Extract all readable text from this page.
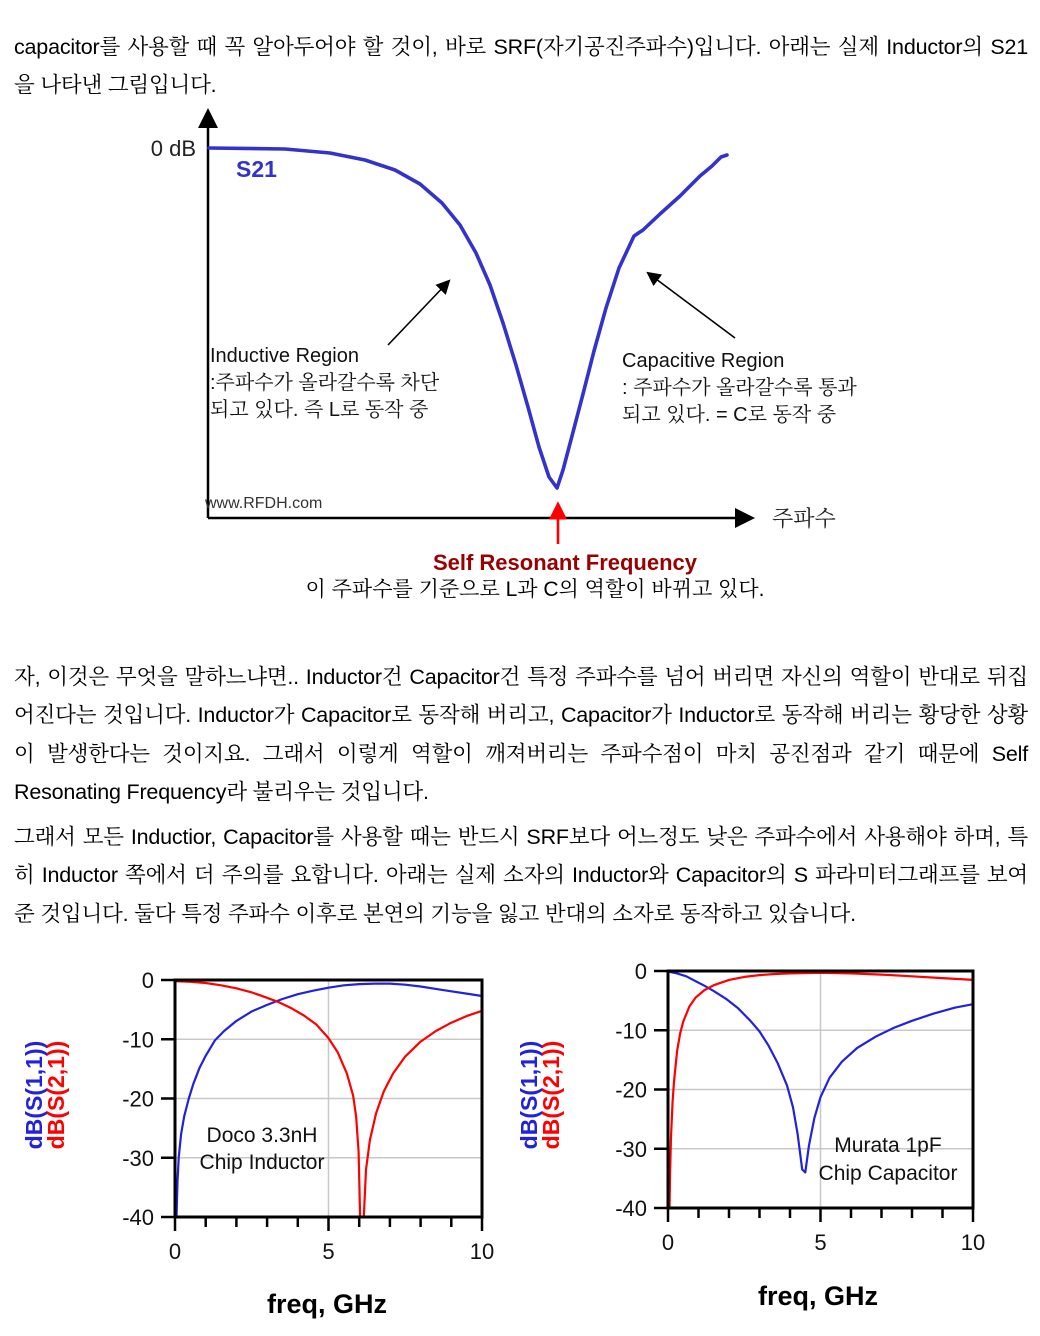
capacitor를 사용할 때 꼭 알아두어야 할 것이, 바로 SRF(자기공진주파수)입니다. 아래는 실제 Inductor의 S21을 나타낸 그림입니다.

자, 이것은 무엇을 말하느냐면.. Inductor건 Capacitor건 특정 주파수를 넘어 버리면 자신의 역할이 반대로 뒤집어진다는 것입니다. Inductor가 Capacitor로 동작해 버리고, Capacitor가 Inductor로 동작해 버리는 황당한 상황이 발생한다는 것이지요. 그래서 이렇게 역할이 깨져버리는 주파수점이 마치 공진점과 같기 때문에 Self Resonating Frequency라 불리우는 것입니다.

그래서 모든 Inductior, Capacitor를 사용할 때는 반드시 SRF보다 어느정도 낮은 주파수에서 사용해야 하며, 특히 Inductor 쪽에서 더 주의를 요합니다. 아래는 실제 소자의 Inductor와 Capacitor의 S 파라미터그래프를 보여준 것입니다. 둘다 특정 주파수 이후로 본연의 기능을 잃고 반대의 소자로 동작하고 있습니다.

주파수
0 dB
S21
Inductive Region
:주파수가 올라갈수록 차단
되고 있다. 즉 L로 동작 중
Capacitive Region
: 주파수가 올라갈수록 통과
되고 있다. = C로 동작 중
www.RFDH.com
Self Resonant Frequency
이 주파수를 기준으로 L과 C의 역할이 바뀌고 있다.
0
-10
-20
-30
-40
0	5	10
dB(S(1,1))
dB(S(2,1))
freq, GHz
Doco 3.3nH
Chip Inductor
0
-10
-20
-30
-40
0	5	10
dB(S(1,1))
dB(S(2,1))
freq, GHz
Murata 1pF
Chip Capacitor
